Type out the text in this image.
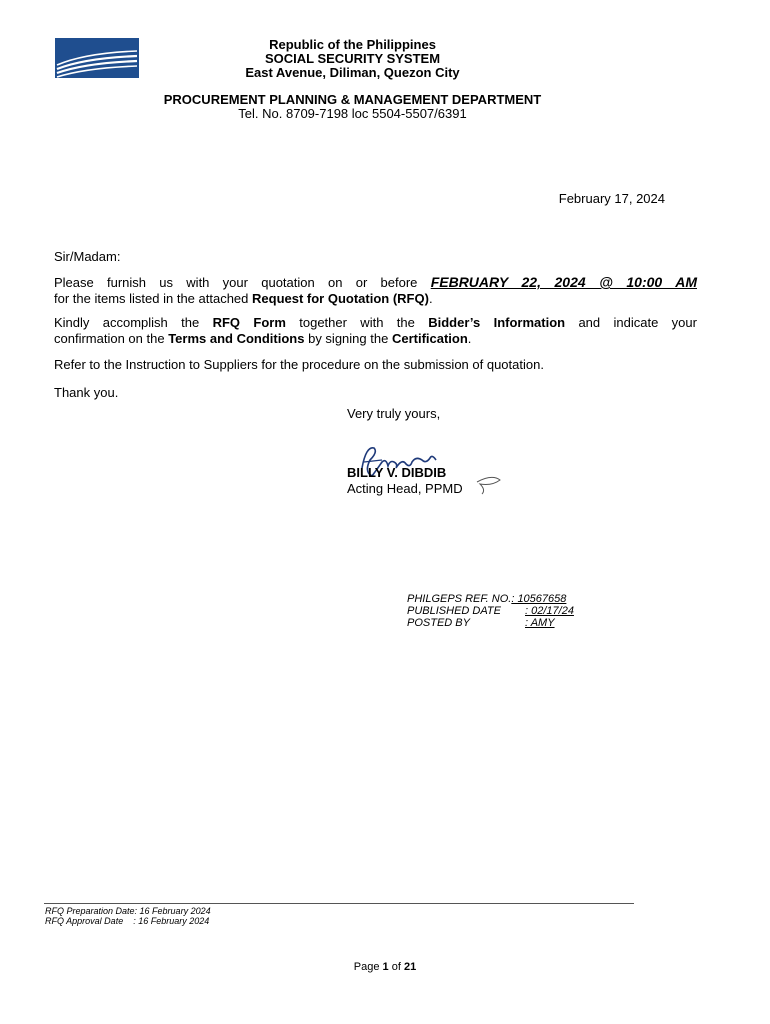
Republic of the Philippines
SOCIAL SECURITY SYSTEM
East Avenue, Diliman, Quezon City
PROCUREMENT PLANNING & MANAGEMENT DEPARTMENT
Tel. No. 8709-7198 loc 5504-5507/6391
February 17, 2024
Sir/Madam:
Please furnish us with your quotation on or before FEBRUARY 22, 2024 @ 10:00 AM
for the items listed in the attached Request for Quotation (RFQ).
Kindly accomplish the RFQ Form together with the Bidder’s Information and indicate your
confirmation on the Terms and Conditions by signing the Certification.
Refer to the Instruction to Suppliers for the procedure on the submission of quotation.
Thank you.
Very truly yours,
BILLY V. DIBDIB
Acting Head, PPMD
PHILGEPS REF. NO.: 10567658
PUBLISHED DATE : 02/17/24
POSTED BY	: AMY
RFQ Preparation Date: 16 February 2024
RFQ Approval Date    : 16 February 2024
Page 1 of 21
